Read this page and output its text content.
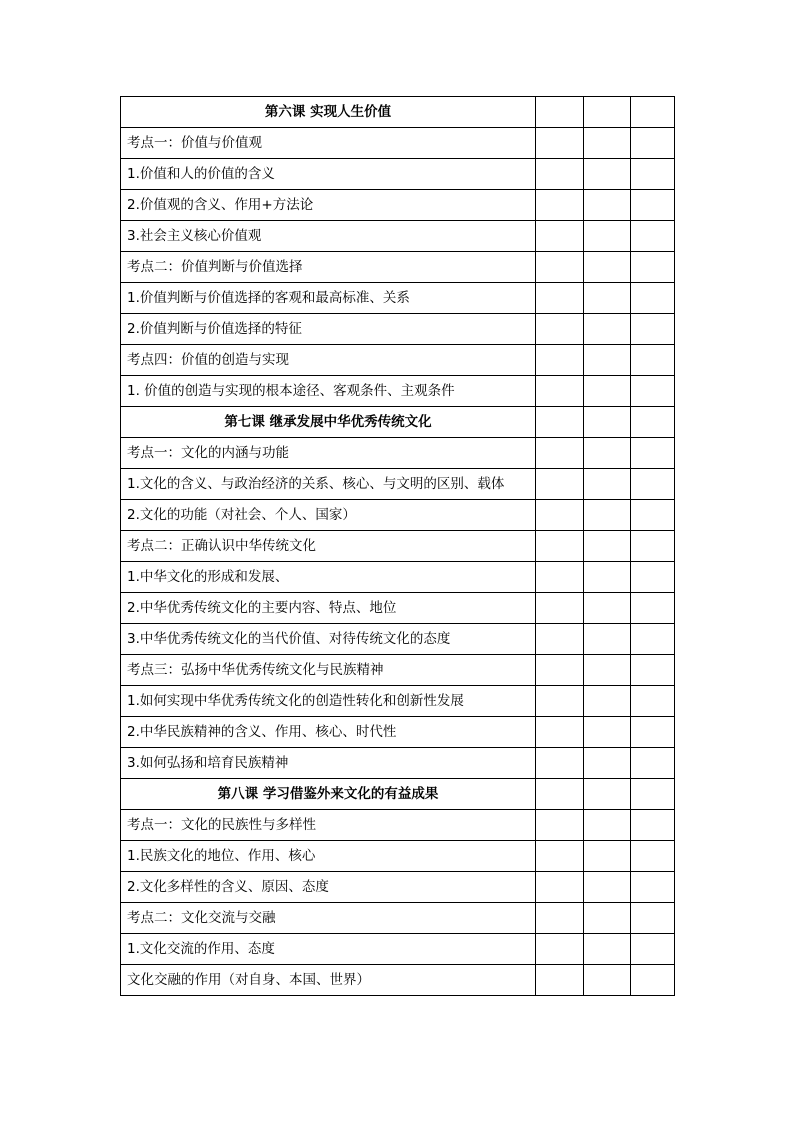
第六课 实现人生价值			
考点一：价值与价值观			
1.价值和人的价值的含义			
2.价值观的含义、作用+方法论			
3.社会主义核心价值观			
考点二：价值判断与价值选择			
1.价值判断与价值选择的客观和最高标准、关系			
2.价值判断与价值选择的特征			
考点四：价值的创造与实现			
1. 价值的创造与实现的根本途径、客观条件、主观条件			
第七课 继承发展中华优秀传统文化			
考点一：文化的内涵与功能			
1.文化的含义、与政治经济的关系、核心、与文明的区别、载体			
2.文化的功能（对社会、个人、国家）			
考点二：正确认识中华传统文化			
1.中华文化的形成和发展、			
2.中华优秀传统文化的主要内容、特点、地位			
3.中华优秀传统文化的当代价值、对待传统文化的态度			
考点三：弘扬中华优秀传统文化与民族精神			
1.如何实现中华优秀传统文化的创造性转化和创新性发展			
2.中华民族精神的含义、作用、核心、时代性			
3.如何弘扬和培育民族精神			
第八课 学习借鉴外来文化的有益成果			
考点一：文化的民族性与多样性			
1.民族文化的地位、作用、核心			
2.文化多样性的含义、原因、态度			
考点二：文化交流与交融			
1.文化交流的作用、态度			
文化交融的作用（对自身、本国、世界）			
